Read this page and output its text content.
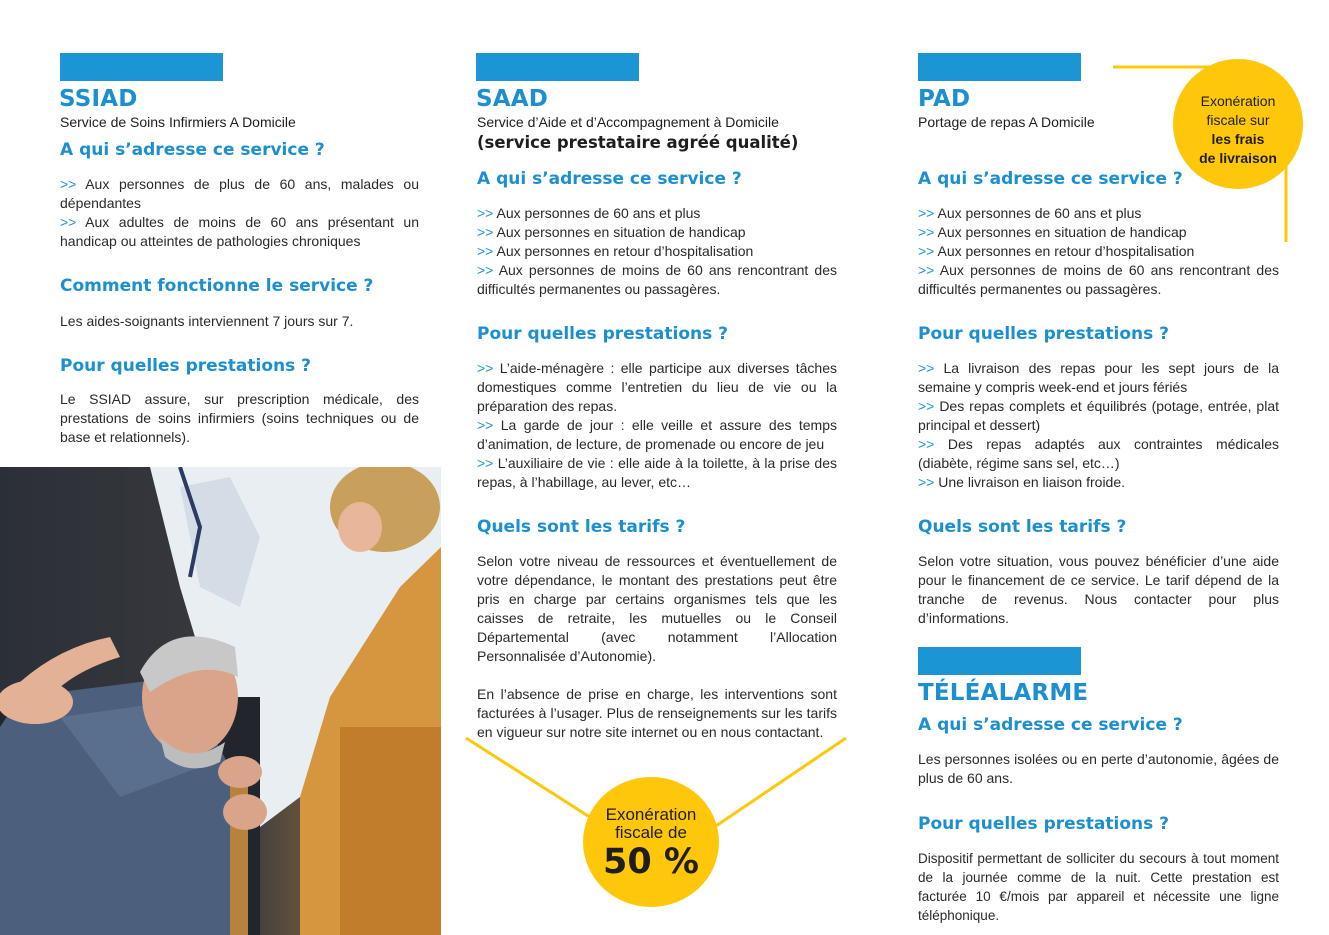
SSIAD
Service de Soins Infirmiers A Domicile
A qui s’adresse ce service ?

>> Aux personnes de plus de 60 ans, malades ou dépendantes

>> Aux adultes de moins de 60 ans présentant un handicap ou atteintes de pathologies chroniques

Comment fonctionne le service ?

Les aides-soignants interviennent 7 jours sur 7.

Pour quelles prestations ?

Le SSIAD assure, sur prescription médicale, des prestations de soins infirmiers (soins techniques ou de base et relationnels).

SAAD
Service d’Aide et d’Accompagnement à Domicile
(service prestataire agréé qualité)
A qui s’adresse ce service ?

>> Aux personnes de 60 ans et plus

>> Aux personnes en situation de handicap

>> Aux personnes en retour d’hospitalisation

>> Aux personnes de moins de 60 ans rencontrant des difficultés permanentes ou passagères.

Pour quelles prestations ?

>> L’aide-ménagère : elle participe aux diverses tâches domestiques comme l’entretien du lieu de vie ou la préparation des repas.

>> La garde de jour : elle veille et assure des temps d’animation, de lecture, de promenade ou encore de jeu

>> L’auxiliaire de vie : elle aide à la toilette, à la prise des repas, à l’habillage, au lever, etc…

Quels sont les tarifs ?

Selon votre niveau de ressources et éventuellement de votre dépendance, le montant des prestations peut être pris en charge par certains organismes tels que les caisses de retraite, les mutuelles ou le Conseil Départemental (avec notamment l’Allocation Personnalisée d’Autonomie).

En l’absence de prise en charge, les interventions sont facturées à l’usager. Plus de renseignements sur les tarifs en vigueur sur notre site internet ou en nous contactant.

Exonération
fiscale de
50 %
PAD
Portage de repas A Domicile
Exonération
fiscale sur
les frais
de livraison
A qui s’adresse ce service ?

>> Aux personnes de 60 ans et plus

>> Aux personnes en situation de handicap

>> Aux personnes en retour d’hospitalisation

>> Aux personnes de moins de 60 ans rencontrant des difficultés permanentes ou passagères.

Pour quelles prestations ?

>> La livraison des repas pour les sept jours de la semaine y compris week-end et jours fériés

>> Des repas complets et équilibrés (potage, entrée, plat principal et dessert)

>> Des repas adaptés aux contraintes médicales (diabète, régime sans sel, etc…)

>> Une livraison en liaison froide.

Quels sont les tarifs ?

Selon votre situation, vous pouvez bénéficier d’une aide pour le financement de ce service. Le tarif dépend de la tranche de revenus. Nous contacter pour plus d’informations.

TÉLÉALARME
A qui s’adresse ce service ?

Les personnes isolées ou en perte d’autonomie, âgées de plus de 60 ans.

Pour quelles prestations ?

Dispositif permettant de solliciter du secours à tout moment de la journée comme de la nuit. Cette prestation est facturée 10 €/mois par appareil et nécessite une ligne téléphonique.
